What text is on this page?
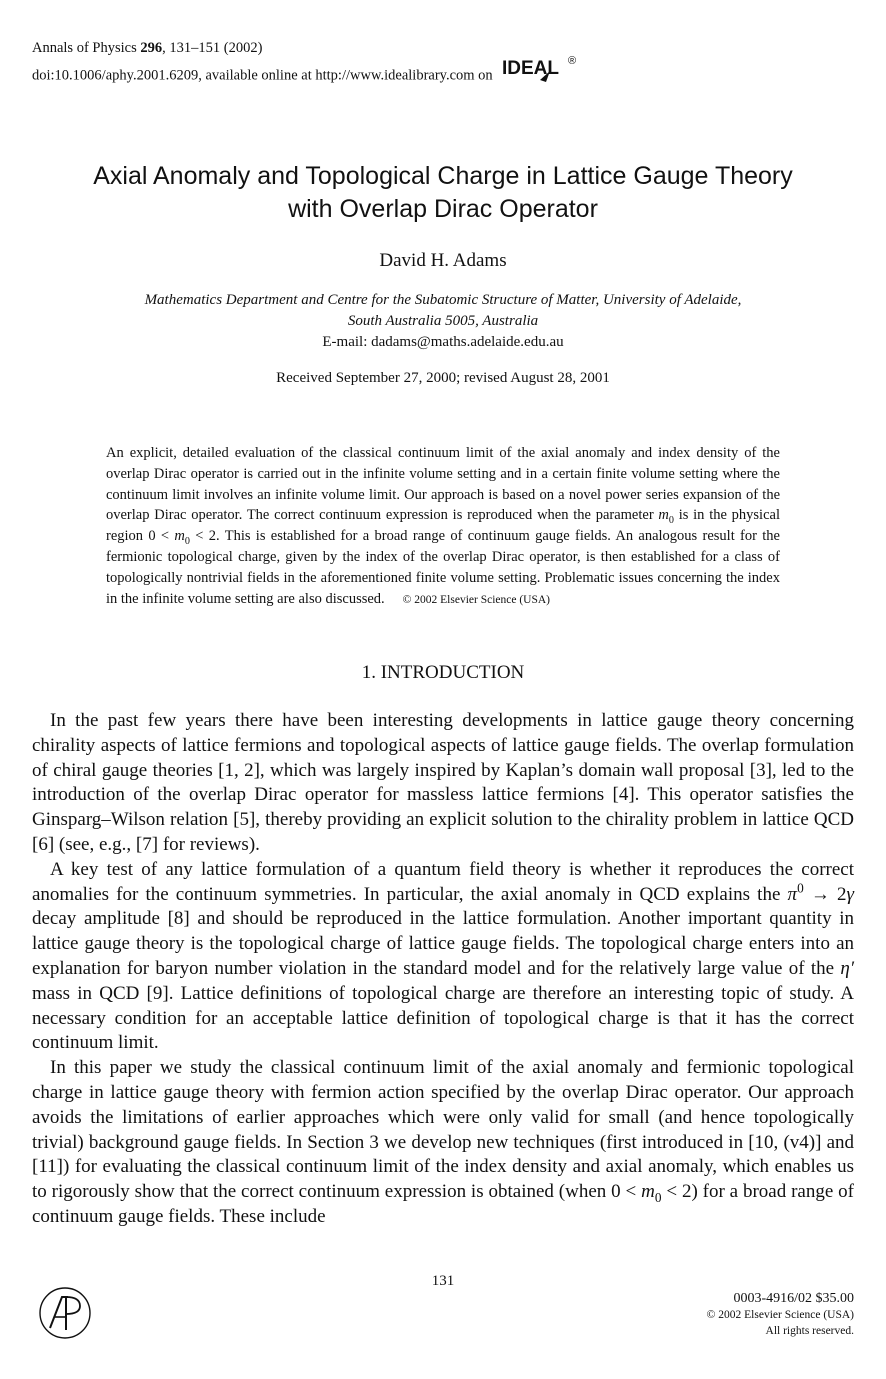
Annals of Physics 296, 131–151 (2002)
doi:10.1006/aphy.2001.6209, available online at http://www.idealibrary.com on IDEAL ®
Axial Anomaly and Topological Charge in Lattice Gauge Theory
with Overlap Dirac Operator
David H. Adams
Mathematics Department and Centre for the Subatomic Structure of Matter, University of Adelaide,
South Australia 5005, Australia
E-mail: dadams@maths.adelaide.edu.au
Received September 27, 2000; revised August 28, 2001
An explicit, detailed evaluation of the classical continuum limit of the axial anomaly and index density of the overlap Dirac operator is carried out in the infinite volume setting and in a certain finite volume setting where the continuum limit involves an infinite volume limit. Our approach is based on a novel power series expansion of the overlap Dirac operator. The correct continuum expression is reproduced when the parameter $m_0$ is in the physical region $0 < m_0 < 2$. This is established for a broad range of continuum gauge fields. An analogous result for the fermionic topological charge, given by the index of the overlap Dirac operator, is then established for a class of topologically nontrivial fields in the aforementioned finite volume setting. Problematic issues concerning the index in the infinite volume setting are also discussed. © 2002 Elsevier Science (USA)
1. INTRODUCTION

In the past few years there have been interesting developments in lattice gauge theory concerning chirality aspects of lattice fermions and topological aspects of lattice gauge fields. The overlap formulation of chiral gauge theories [1, 2], which was largely inspired by Kaplan’s domain wall proposal [3], led to the introduction of the overlap Dirac operator for massless lattice fermions [4]. This operator satisfies the Ginsparg–Wilson relation [5], thereby providing an explicit solution to the chirality problem in lattice QCD [6] (see, e.g., [7] for reviews).

A key test of any lattice formulation of a quantum field theory is whether it reproduces the correct anomalies for the continuum symmetries. In particular, the axial anomaly in QCD explains the $\pi^0 \to 2\gamma$ decay amplitude [8] and should be reproduced in the lattice formulation. Another important quantity in lattice gauge theory is the topological charge of lattice gauge fields. The topological charge enters into an explanation for baryon number violation in the standard model and for the relatively large value of the η′ mass in QCD [9]. Lattice definitions of topological charge are therefore an interesting topic of study. A necessary condition for an acceptable lattice definition of topological charge is that it has the correct continuum limit.

In this paper we study the classical continuum limit of the axial anomaly and fermionic topological charge in lattice gauge theory with fermion action specified by the overlap Dirac operator. Our approach avoids the limitations of earlier approaches which were only valid for small (and hence topologically trivial) background gauge fields. In Section 3 we develop new techniques (first introduced in [10, (v4)] and [11]) for evaluating the classical continuum limit of the index density and axial anomaly, which enables us to rigorously show that the correct continuum expression is obtained (when $0 < m_0 < 2$) for a broad range of continuum gauge fields. These include

131
0003-4916/02 $35.00
© 2002 Elsevier Science (USA)
All rights reserved.
